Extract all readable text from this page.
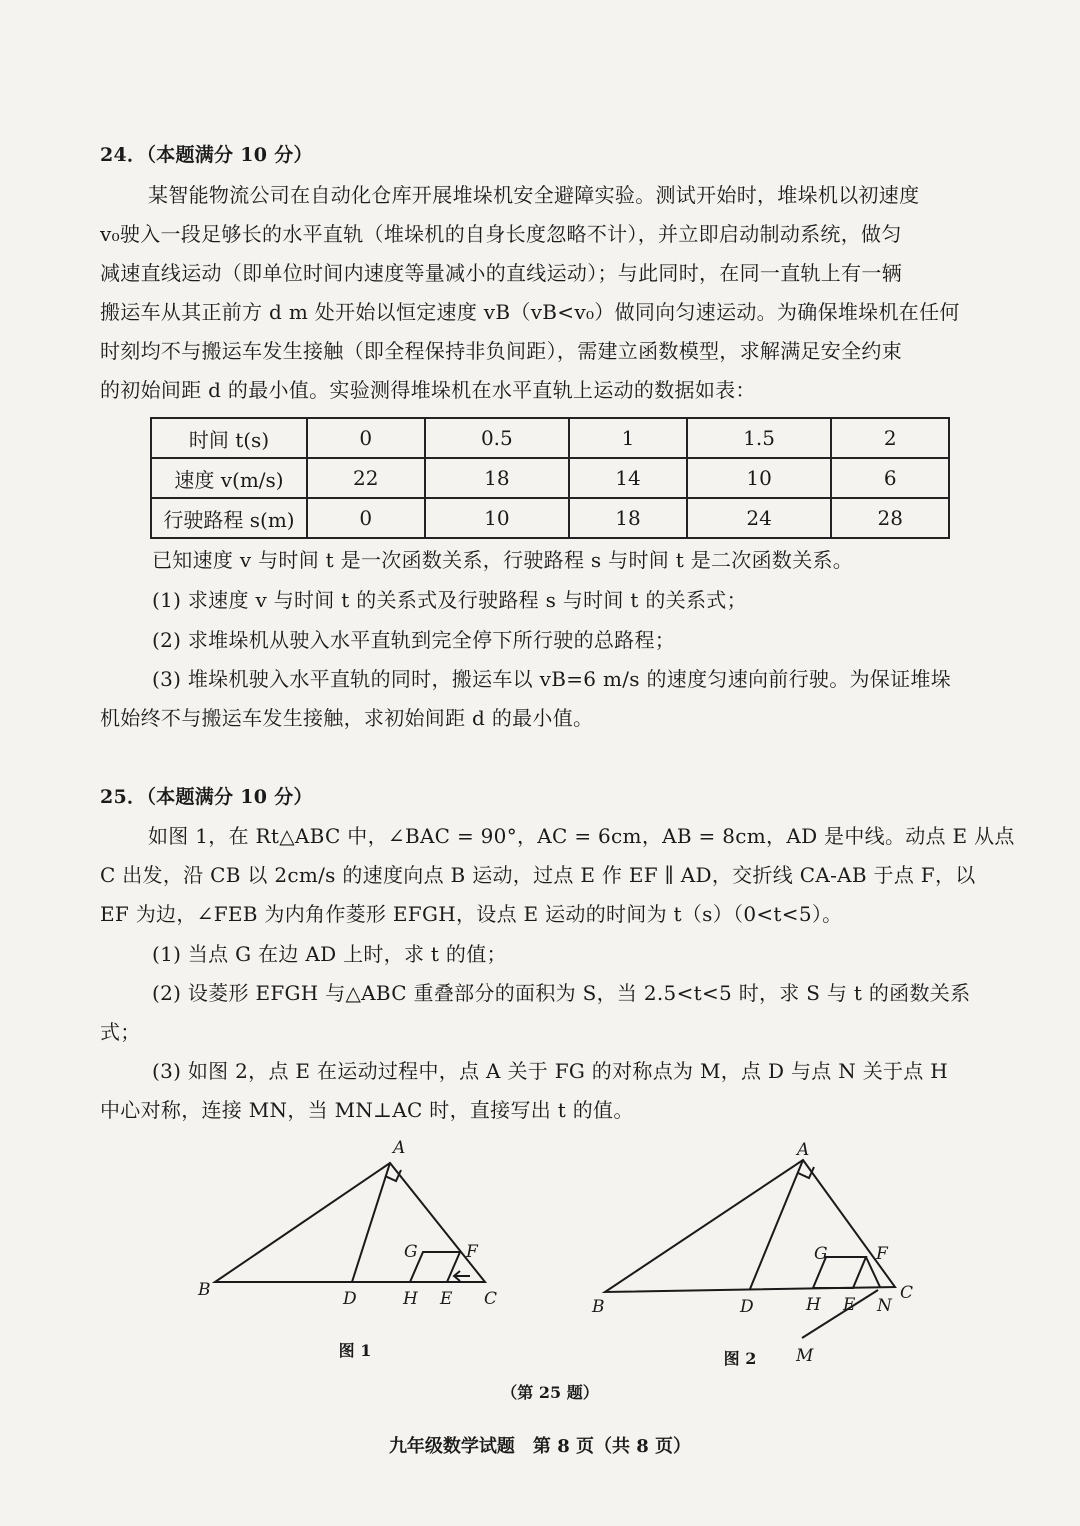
24．（本题满分 10 分）
某智能物流公司在自动化仓库开展堆垛机安全避障实验。测试开始时，堆垛机以初速度
v₀驶入一段足够长的水平直轨（堆垛机的自身长度忽略不计），并立即启动制动系统，做匀
减速直线运动（即单位时间内速度等量减小的直线运动）；与此同时，在同一直轨上有一辆
搬运车从其正前方 d m 处开始以恒定速度 vB（vB<v₀）做同向匀速运动。为确保堆垛机在任何
时刻均不与搬运车发生接触（即全程保持非负间距），需建立函数模型，求解满足安全约束
的初始间距 d 的最小值。实验测得堆垛机在水平直轨上运动的数据如表：
时间 t(s)	0	0.5	1	1.5	2
速度 v(m/s)	22	18	14	10	6
行驶路程 s(m)	0	10	18	24	28
已知速度 v 与时间 t 是一次函数关系，行驶路程 s 与时间 t 是二次函数关系。
(1) 求速度 v 与时间 t 的关系式及行驶路程 s 与时间 t 的关系式；
(2) 求堆垛机从驶入水平直轨到完全停下所行驶的总路程；
(3) 堆垛机驶入水平直轨的同时，搬运车以 vB=6 m/s 的速度匀速向前行驶。为保证堆垛
机始终不与搬运车发生接触，求初始间距 d 的最小值。
25．（本题满分 10 分）
如图 1，在 Rt△ABC 中，∠BAC = 90°，AC = 6cm，AB = 8cm，AD 是中线。动点 E 从点
C 出发，沿 CB 以 2cm/s 的速度向点 B 运动，过点 E 作 EF ∥ AD，交折线 CA-AB 于点 F，以
EF 为边，∠FEB 为内角作菱形 EFGH，设点 E 运动的时间为 t（s）（0<t<5）。
(1) 当点 G 在边 AD 上时，求 t 的值；
(2) 设菱形 EFGH 与△ABC 重叠部分的面积为 S，当 2.5<t<5 时，求 S 与 t 的函数关系
式；
(3) 如图 2，点 E 在运动过程中，点 A 关于 FG 的对称点为 M，点 D 与点 N 关于点 H
中心对称，连接 MN，当 MN⊥AC 时，直接写出 t 的值。
A
B	C
D	E
F
G
H
图 1
A
B
C
D	E
F
G
H	N
M
图 2
（第 25 题）
九年级数学试题　第 8 页（共 8 页）
